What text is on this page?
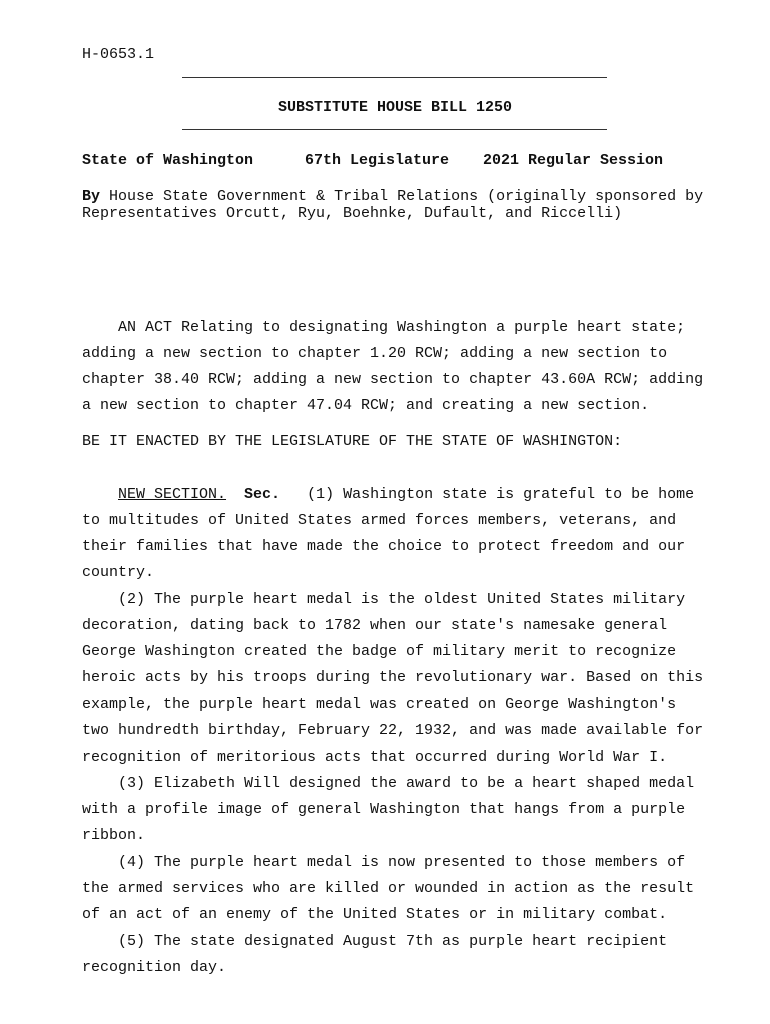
H-0653.1
SUBSTITUTE HOUSE BILL 1250
State of Washington	67th Legislature 2021 Regular Session
By House State Government & Tribal Relations (originally sponsored by
Representatives Orcutt, Ryu, Boehnke, Dufault, and Riccelli)
AN ACT Relating to designating Washington a purple heart state;
adding a new section to chapter 1.20 RCW; adding a new section to
chapter 38.40 RCW; adding a new section to chapter 43.60A RCW; adding
a new section to chapter 47.04 RCW; and creating a new section.
BE IT ENACTED BY THE LEGISLATURE OF THE STATE OF WASHINGTON:
NEW SECTION. Sec. (1) Washington state is grateful to be home
to multitudes of United States armed forces members, veterans, and
their families that have made the choice to protect freedom and our
country.
(2) The purple heart medal is the oldest United States military
decoration, dating back to 1782 when our state's namesake general
George Washington created the badge of military merit to recognize
heroic acts by his troops during the revolutionary war. Based on this
example, the purple heart medal was created on George Washington's
two hundredth birthday, February 22, 1932, and was made available for
recognition of meritorious acts that occurred during World War I.
(3) Elizabeth Will designed the award to be a heart shaped medal
with a profile image of general Washington that hangs from a purple
ribbon.
(4) The purple heart medal is now presented to those members of
the armed services who are killed or wounded in action as the result
of an act of an enemy of the United States or in military combat.
(5) The state designated August 7th as purple heart recipient
recognition day.
